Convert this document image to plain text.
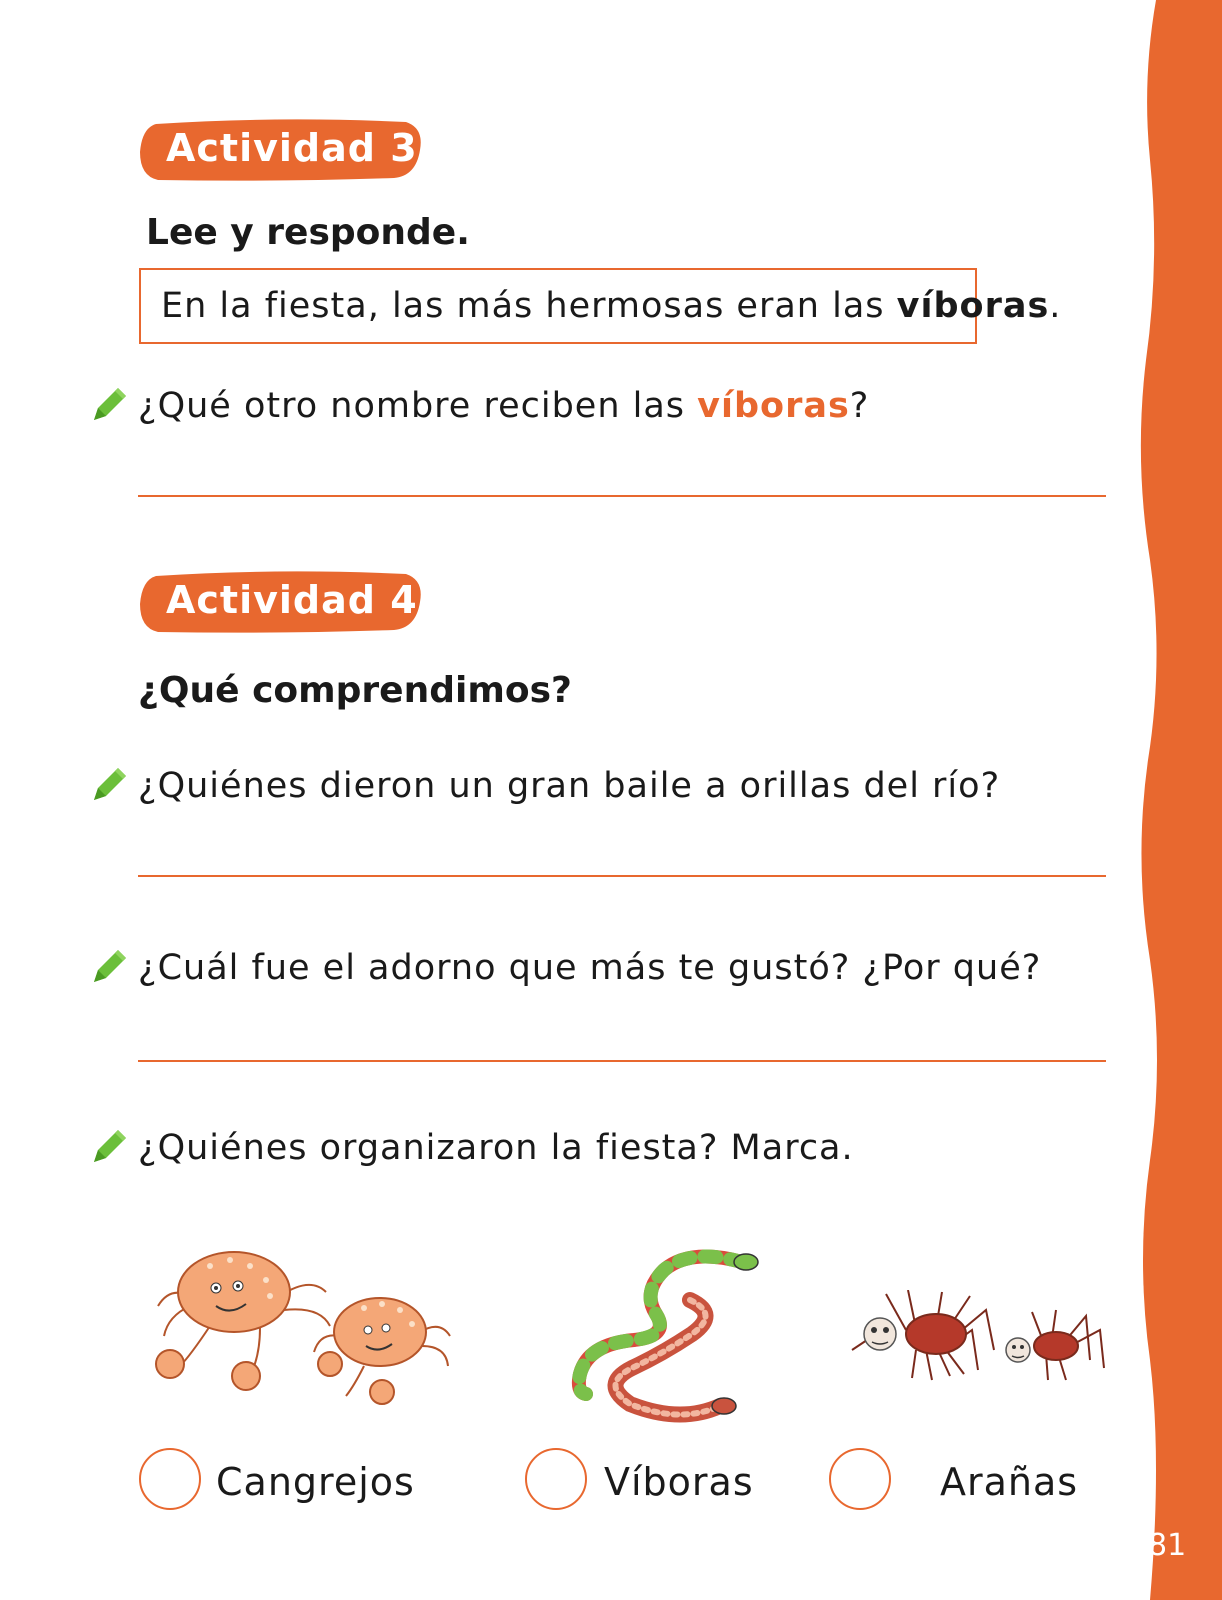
81
Actividad 3
Lee y responde.
En la fiesta, las más hermosas eran las víboras.
¿Qué otro nombre reciben las víboras?
Actividad 4
¿Qué comprendimos?
¿Quiénes dieron un gran baile a orillas del río?
¿Cuál fue el adorno que más te gustó? ¿Por qué?
¿Quiénes organizaron la fiesta? Marca.
Cangrejos	Víboras	Arañas
